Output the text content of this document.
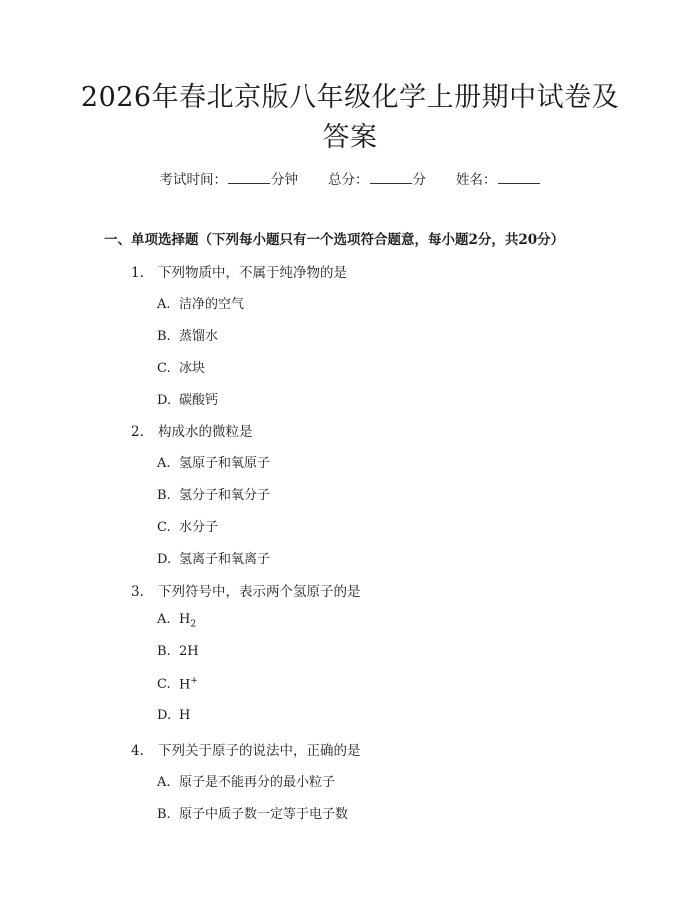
2026年春北京版八年级化学上册期中试卷及答案
考试时间：	分钟 总分：	分 姓名：
一、单项选择题（下列每小题只有一个选项符合题意，每小题2分，共20分）
1. 下列物质中，不属于纯净物的是
A. 洁净的空气
B. 蒸馏水
C. 冰块
D. 碳酸钙
2. 构成水的微粒是
A. 氢原子和氧原子
B. 氢分子和氧分子
C. 水分子
D. 氢离子和氧离子
3. 下列符号中，表示两个氢原子的是
A. $H_2$
B. 2H
C. H+
D. H
4. 下列关于原子的说法中，正确的是
A. 原子是不能再分的最小粒子
B. 原子中质子数一定等于电子数
